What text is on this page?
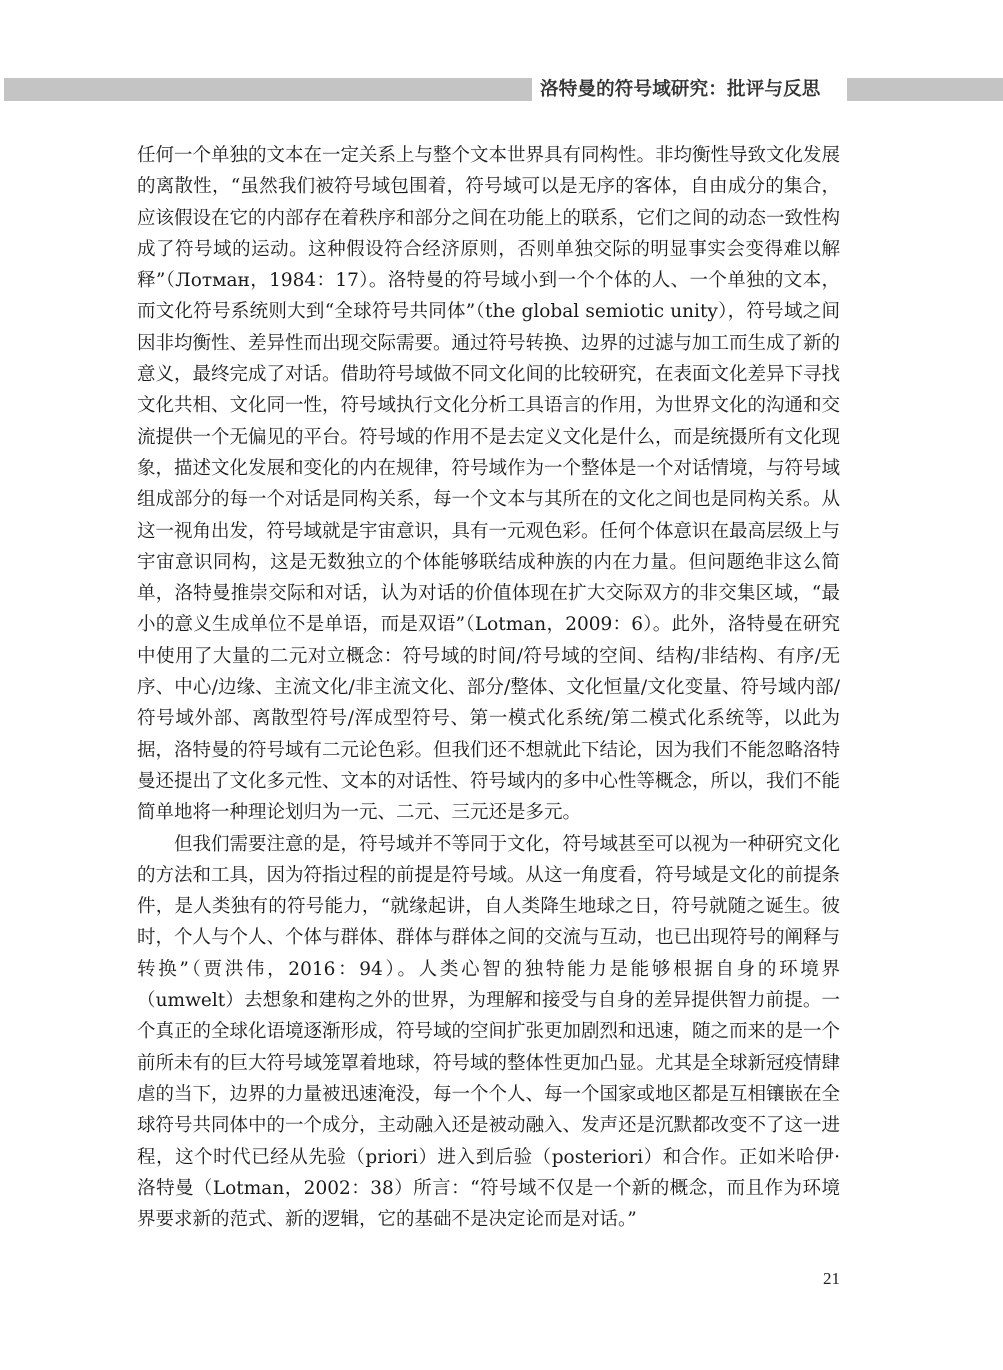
洛特曼的符号域研究：批评与反思

任何一个单独的文本在一定关系上与整个文本世界具有同构性。非均衡性导致文化发展的离散性，“虽然我们被符号域包围着，符号域可以是无序的客体，自由成分的集合，应该假设在它的内部存在着秩序和部分之间在功能上的联系，它们之间的动态一致性构成了符号域的运动。这种假设符合经济原则，否则单独交际的明显事实会变得难以解释”（Лотман，1984：17）。洛特曼的符号域小到一个个体的人、一个单独的文本，而文化符号系统则大到“全球符号共同体”（the global semiotic unity），符号域之间因非均衡性、差异性而出现交际需要。通过符号转换、边界的过滤与加工而生成了新的意义，最终完成了对话。借助符号域做不同文化间的比较研究，在表面文化差异下寻找文化共相、文化同一性，符号域执行文化分析工具语言的作用，为世界文化的沟通和交流提供一个无偏见的平台。符号域的作用不是去定义文化是什么，而是统摄所有文化现象，描述文化发展和变化的内在规律，符号域作为一个整体是一个对话情境，与符号域组成部分的每一个对话是同构关系，每一个文本与其所在的文化之间也是同构关系。从这一视角出发，符号域就是宇宙意识，具有一元观色彩。任何个体意识在最高层级上与宇宙意识同构，这是无数独立的个体能够联结成种族的内在力量。但问题绝非这么简单，洛特曼推崇交际和对话，认为对话的价值体现在扩大交际双方的非交集区域，“最小的意义生成单位不是单语，而是双语”（Lotman，2009：6）。此外，洛特曼在研究中使用了大量的二元对立概念：符号域的时间/符号域的空间、结构/非结构、有序/无序、中心/边缘、主流文化/非主流文化、部分/整体、文化恒量/文化变量、符号域内部/符号域外部、离散型符号/浑成型符号、第一模式化系统/第二模式化系统等，以此为据，洛特曼的符号域有二元论色彩。但我们还不想就此下结论，因为我们不能忽略洛特曼还提出了文化多元性、文本的对话性、符号域内的多中心性等概念，所以，我们不能简单地将一种理论划归为一元、二元、三元还是多元。

但我们需要注意的是，符号域并不等同于文化，符号域甚至可以视为一种研究文化的方法和工具，因为符指过程的前提是符号域。从这一角度看，符号域是文化的前提条件，是人类独有的符号能力，“就缘起讲，自人类降生地球之日，符号就随之诞生。彼时，个人与个人、个体与群体、群体与群体之间的交流与互动，也已出现符号的阐释与转换”（贾洪伟，2016：94）。人类心智的独特能力是能够根据自身的环境界（umwelt）去想象和建构之外的世界，为理解和接受与自身的差异提供智力前提。一个真正的全球化语境逐渐形成，符号域的空间扩张更加剧烈和迅速，随之而来的是一个前所未有的巨大符号域笼罩着地球，符号域的整体性更加凸显。尤其是全球新冠疫情肆虐的当下，边界的力量被迅速淹没，每一个个人、每一个国家或地区都是互相镶嵌在全球符号共同体中的一个成分，主动融入还是被动融入、发声还是沉默都改变不了这一进程，这个时代已经从先验（priori）进入到后验（posteriori）和合作。正如米哈伊·洛特曼（Lotman，2002：38）所言：“符号域不仅是一个新的概念，而且作为环境界要求新的范式、新的逻辑，它的基础不是决定论而是对话。”

21
